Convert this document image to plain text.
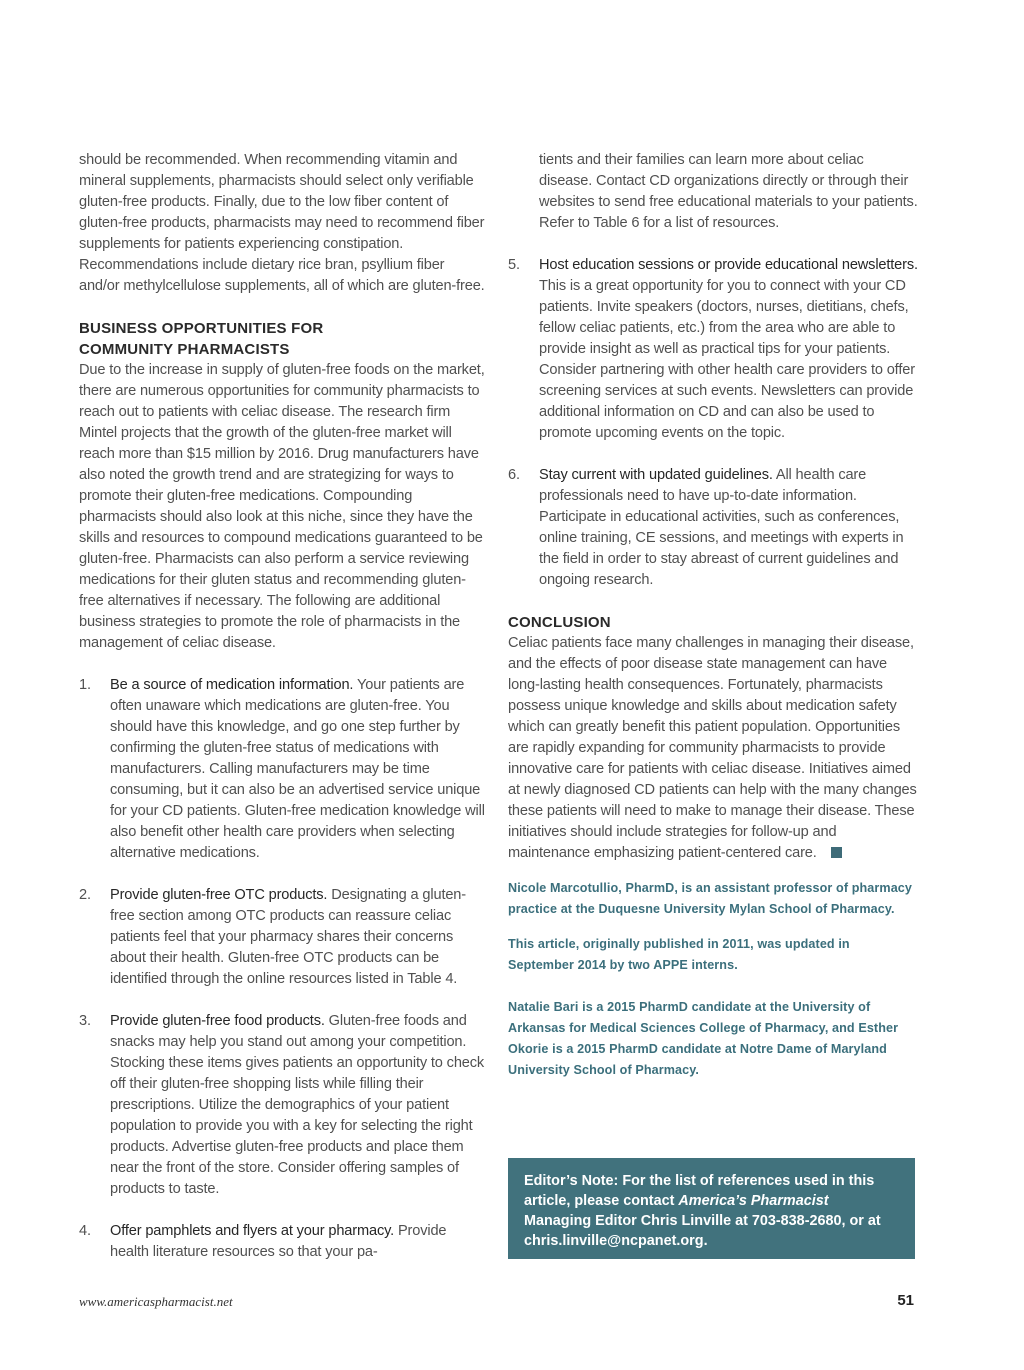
should be recommended. When recommending vitamin and mineral supplements, pharmacists should select only verifiable gluten-free products. Finally, due to the low fiber content of gluten-free products, pharmacists may need to recommend fiber supplements for patients experiencing constipation. Recommendations include dietary rice bran, psyllium fiber and/or methylcellulose supplements, all of which are gluten-free.

BUSINESS OPPORTUNITIES FOR
COMMUNITY PHARMACISTS

Due to the increase in supply of gluten-free foods on the market, there are numerous opportunities for community pharmacists to reach out to patients with celiac disease. The research firm Mintel projects that the growth of the gluten-free market will reach more than $15 million by 2016. Drug manufacturers have also noted the growth trend and are strategizing for ways to promote their gluten-free medications. Compounding pharmacists should also look at this niche, since they have the skills and resources to compound medications guaranteed to be gluten-free. Pharmacists can also perform a service reviewing medications for their gluten status and recommending gluten-free alternatives if necessary. The following are additional business strategies to promote the role of pharmacists in the management of celiac disease.

1. Be a source of medication information. Your patients are often unaware which medications are gluten-free. You should have this knowledge, and go one step further by confirming the gluten-free status of medications with manufacturers. Calling manufacturers may be time consuming, but it can also be an advertised service unique for your CD patients. Gluten-free medication knowledge will also benefit other health care providers when selecting alternative medications.
2. Provide gluten-free OTC products. Designating a gluten-free section among OTC products can reassure celiac patients feel that your pharmacy shares their concerns about their health. Gluten-free OTC products can be identified through the online resources listed in Table 4.
3. Provide gluten-free food products. Gluten-free foods and snacks may help you stand out among your competition. Stocking these items gives patients an opportunity to check off their gluten-free shopping lists while filling their prescriptions. Utilize the demographics of your patient population to provide you with a key for selecting the right products. Advertise gluten-free products and place them near the front of the store. Consider offering samples of products to taste.
4. Offer pamphlets and flyers at your pharmacy. Provide health literature resources so that your pa-
tients and their families can learn more about celiac disease. Contact CD organizations directly or through their websites to send free educational materials to your patients. Refer to Table 6 for a list of resources.
5. Host education sessions or provide educational newsletters. This is a great opportunity for you to connect with your CD patients. Invite speakers (doctors, nurses, dietitians, chefs, fellow celiac patients, etc.) from the area who are able to provide insight as well as practical tips for your patients. Consider partnering with other health care providers to offer screening services at such events. Newsletters can provide additional information on CD and can also be used to promote upcoming events on the topic.
6. Stay current with updated guidelines. All health care professionals need to have up-to-date information. Participate in educational activities, such as conferences, online training, CE sessions, and meetings with experts in the field in order to stay abreast of current guidelines and ongoing research.
CONCLUSION

Celiac patients face many challenges in managing their disease, and the effects of poor disease state management can have long-lasting health consequences. Fortunately, pharmacists possess unique knowledge and skills about medication safety which can greatly benefit this patient population. Opportunities are rapidly expanding for community pharmacists to provide innovative care for patients with celiac disease. Initiatives aimed at newly diagnosed CD patients can help with the many changes these patients will need to make to manage their disease. These initiatives should include strategies for follow-up and maintenance emphasizing patient-centered care.

Nicole Marcotullio, PharmD, is an assistant professor of pharmacy practice at the Duquesne University Mylan School of Pharmacy.

This article, originally published in 2011, was updated in September 2014 by two APPE interns.

Natalie Bari is a 2015 PharmD candidate at the University of Arkansas for Medical Sciences College of Pharmacy, and Esther Okorie is a 2015 PharmD candidate at Notre Dame of Maryland University School of Pharmacy.

Editor’s Note: For the list of references used in this article, please contact America’s Pharmacist Managing Editor Chris Linville at 703-838-2680, or at chris.linville@ncpanet.org.
www.americaspharmacist.net	51
